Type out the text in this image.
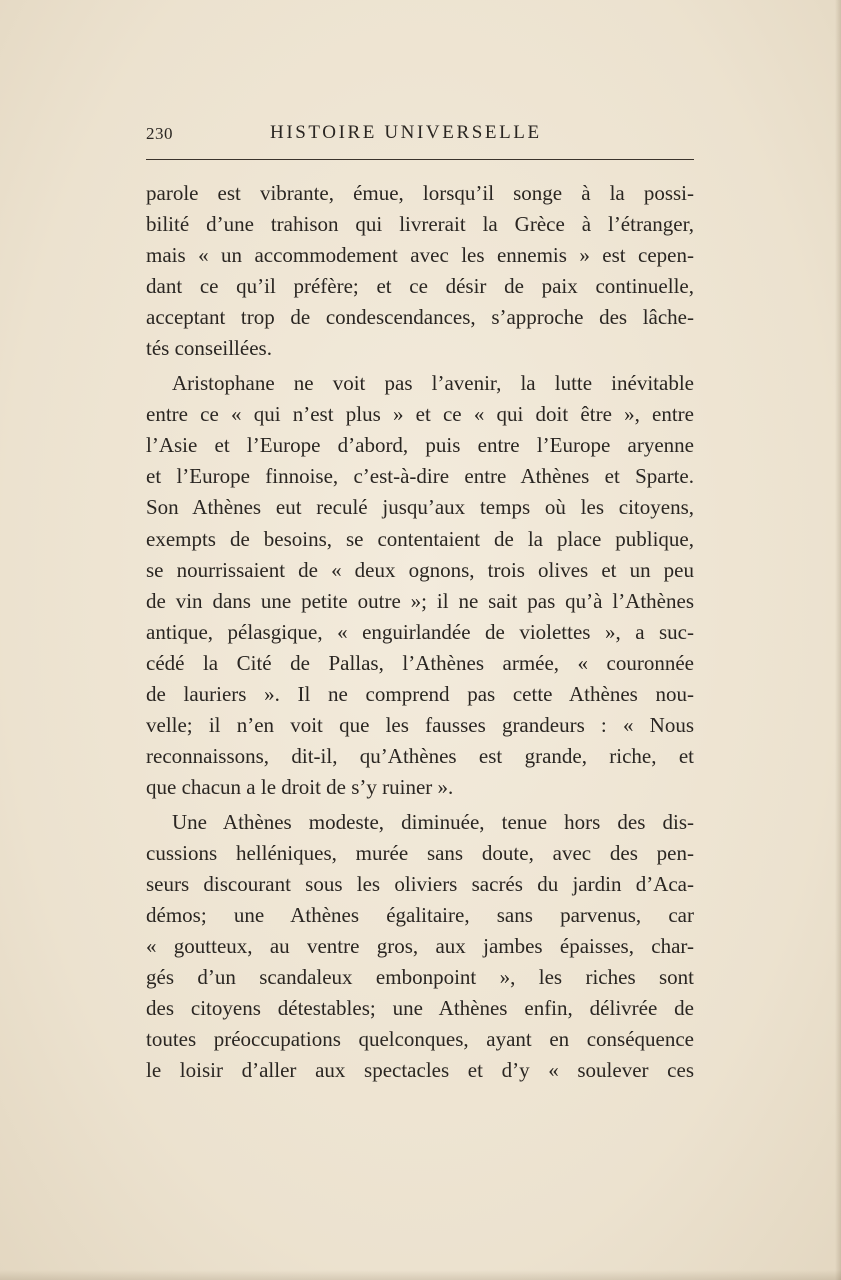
230	HISTOIRE UNIVERSELLE
parole est vibrante, émue, lorsqu’il songe à la possi-
bilité d’une trahison qui livrerait la Grèce à l’étranger,
mais « un accommodement avec les ennemis » est cepen-
dant ce qu’il préfère; et ce désir de paix continuelle,
acceptant trop de condescendances, s’approche des lâche-
tés conseillées.
Aristophane ne voit pas l’avenir, la lutte inévitable
entre ce « qui n’est plus » et ce « qui doit être », entre
l’Asie et l’Europe d’abord, puis entre l’Europe aryenne
et l’Europe finnoise, c’est-à-dire entre Athènes et Sparte.
Son Athènes eut reculé jusqu’aux temps où les citoyens,
exempts de besoins, se contentaient de la place publique,
se nourrissaient de « deux ognons, trois olives et un peu
de vin dans une petite outre »; il ne sait pas qu’à l’Athènes
antique, pélasgique, « enguirlandée de violettes », a suc-
cédé la Cité de Pallas, l’Athènes armée, « couronnée
de lauriers ». Il ne comprend pas cette Athènes nou-
velle; il n’en voit que les fausses grandeurs : « Nous
reconnaissons, dit-il, qu’Athènes est grande, riche, et
que chacun a le droit de s’y ruiner ».
Une Athènes modeste, diminuée, tenue hors des dis-
cussions helléniques, murée sans doute, avec des pen-
seurs discourant sous les oliviers sacrés du jardin d’Aca-
démos; une Athènes égalitaire, sans parvenus, car
« goutteux, au ventre gros, aux jambes épaisses, char-
gés d’un scandaleux embonpoint », les riches sont
des citoyens détestables; une Athènes enfin, délivrée de
toutes préoccupations quelconques, ayant en conséquence
le loisir d’aller aux spectacles et d’y « soulever ces
